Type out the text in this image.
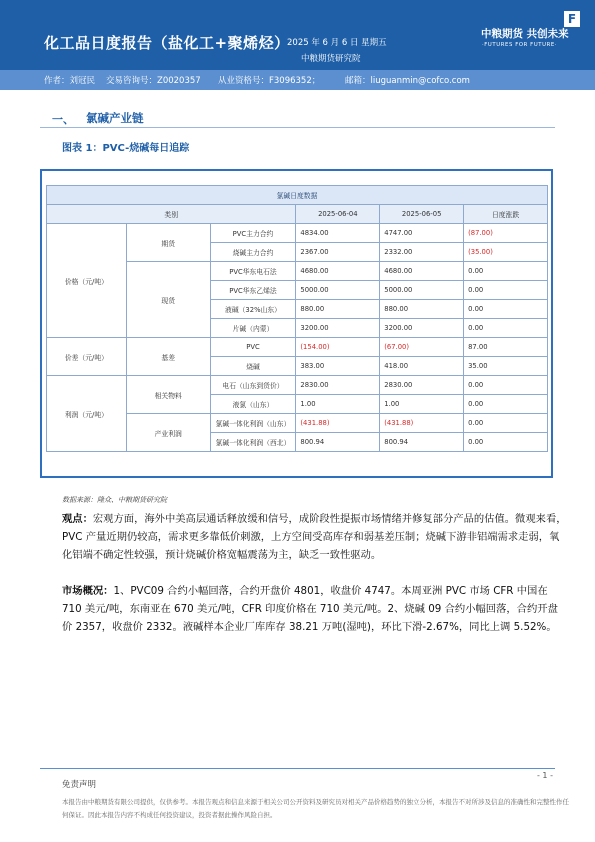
化工品日度报告（盐化工+聚烯烃）
2025 年 6 月 6 日 星期五
中粮期货研究院
中粮期货 共创未来
·FUTURES FOR FUTURE·
F
作者：刘冠民 交易咨询号：Z0020357 从业资格号：F3096352；	邮箱：liuguanmin@cofco.com
一、 氯碱产业链
图表 1：PVC-烧碱每日追踪
氯碱日度数据					
类别			2025-06-04	2025-06-05	日度涨跌
价格（元/吨）	期货	PVC主力合约	4834.00	4747.00	(87.00)
		烧碱主力合约	2367.00	2332.00	(35.00)
	现货	PVC华东电石法	4680.00	4680.00	0.00
		PVC华东乙烯法	5000.00	5000.00	0.00
		液碱（32%山东）	880.00	880.00	0.00
		片碱（内蒙）	3200.00	3200.00	0.00
价差（元/吨）	基差	PVC	(154.00)	(67.00)	87.00
		烧碱	383.00	418.00	35.00
利润（元/吨）	相关物料	电石（山东到货价）	2830.00	2830.00	0.00
		液氯（山东）	1.00	1.00	0.00
	产业利润	氯碱一体化利润（山东）	(431.88)	(431.88)	0.00
		氯碱一体化利润（西北）	800.94	800.94	0.00
数据来源：隆众、中粮期货研究院
观点：宏观方面，海外中美高层通话释放缓和信号，成阶段性提振市场情绪并修复部分产品的估值。微观来看，PVC 产量近期仍较高，需求更多靠低价刺激，上方空间受高库存和弱基差压制；烧碱下游非铝端需求走弱，氧化铝端不确定性较强，预计烧碱价格宽幅震荡为主，缺乏一致性驱动。
市场概况：1、PVC09 合约小幅回落，合约开盘价 4801，收盘价 4747。本周亚洲 PVC 市场 CFR 中国在 710 美元/吨，东南亚在 670 美元/吨，CFR 印度价格在 710 美元/吨。2、烧碱 09 合约小幅回落，合约开盘价 2357，收盘价 2332。液碱样本企业厂库库存 38.21 万吨(湿吨)，环比下滑-2.67%，同比上调 5.52%。
- 1 -
免责声明
本报告由中粮期货有限公司提供，仅供参考。本报告观点和信息来源于相关公司公开资料及研究员对相关产品价格趋势的独立分析，本报告不对所涉及信息的准确性和完整性作任何保证。因此本报告内容不构成任何投资建议，投资者据此操作风险自担。
